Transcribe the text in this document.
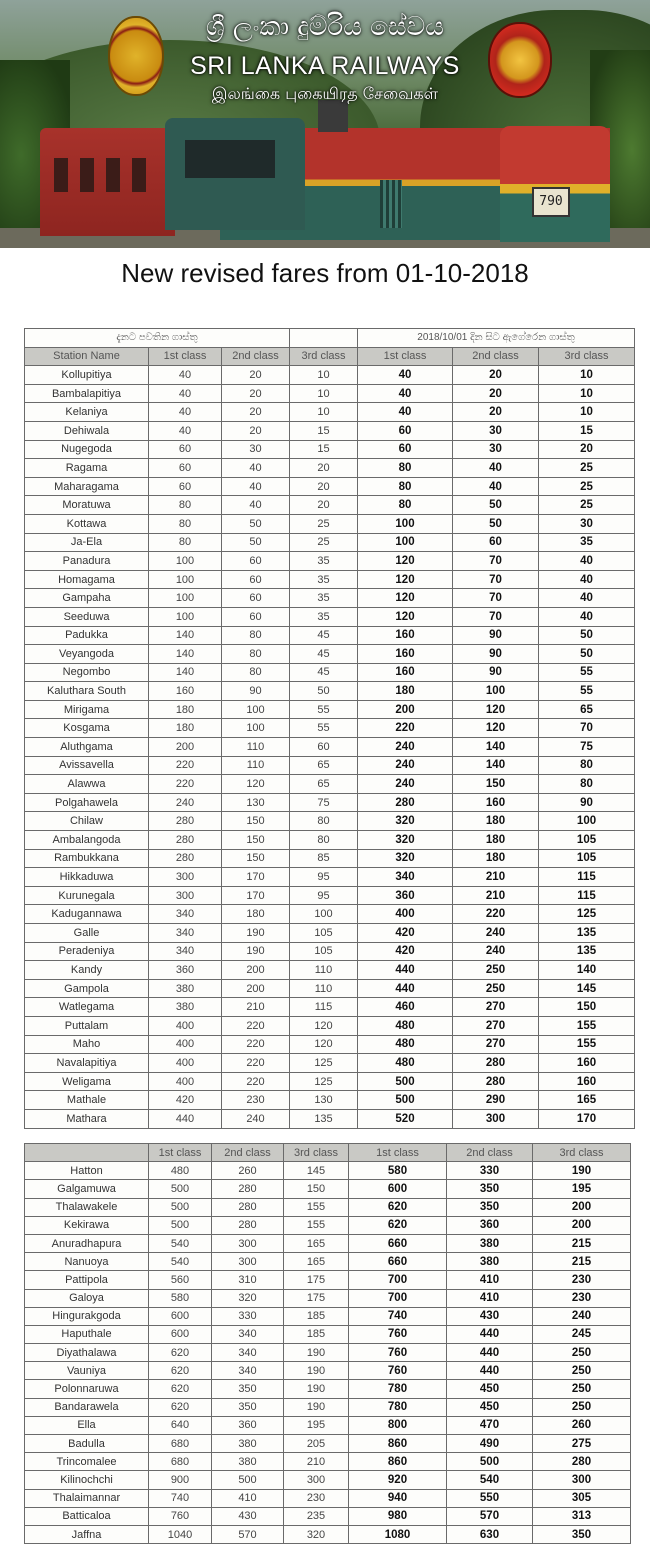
790
ශ්‍රී ලංකා දුම්රිය සේවය
SRI LANKA RAILWAYS
இலங்கை புகையிரத சேவைகள்
New revised fares from 01-10-2018
දැනට පවතින ගාස්තු				2018/10/01 දින සිට ඇගේරෙන ගාස්තු		
Station Name	1st class	2nd class	3rd class	1st class	2nd class	3rd class
Kollupitiya	40	20	10	40	20	10
Bambalapitiya	40	20	10	40	20	10
Kelaniya	40	20	10	40	20	10
Dehiwala	40	20	15	60	30	15
Nugegoda	60	30	15	60	30	20
Ragama	60	40	20	80	40	25
Maharagama	60	40	20	80	40	25
Moratuwa	80	40	20	80	50	25
Kottawa	80	50	25	100	50	30
Ja-Ela	80	50	25	100	60	35
Panadura	100	60	35	120	70	40
Homagama	100	60	35	120	70	40
Gampaha	100	60	35	120	70	40
Seeduwa	100	60	35	120	70	40
Padukka	140	80	45	160	90	50
Veyangoda	140	80	45	160	90	50
Negombo	140	80	45	160	90	55
Kaluthara South	160	90	50	180	100	55
Mirigama	180	100	55	200	120	65
Kosgama	180	100	55	220	120	70
Aluthgama	200	110	60	240	140	75
Avissavella	220	110	65	240	140	80
Alawwa	220	120	65	240	150	80
Polgahawela	240	130	75	280	160	90
Chilaw	280	150	80	320	180	100
Ambalangoda	280	150	80	320	180	105
Rambukkana	280	150	85	320	180	105
Hikkaduwa	300	170	95	340	210	115
Kurunegala	300	170	95	360	210	115
Kadugannawa	340	180	100	400	220	125
Galle	340	190	105	420	240	135
Peradeniya	340	190	105	420	240	135
Kandy	360	200	110	440	250	140
Gampola	380	200	110	440	250	145
Watlegama	380	210	115	460	270	150
Puttalam	400	220	120	480	270	155
Maho	400	220	120	480	270	155
Navalapitiya	400	220	125	480	280	160
Weligama	400	220	125	500	280	160
Mathale	420	230	130	500	290	165
Mathara	440	240	135	520	300	170
	1st class	2nd class	3rd class	1st class	2nd class	3rd class
Hatton	480	260	145	580	330	190
Galgamuwa	500	280	150	600	350	195
Thalawakele	500	280	155	620	350	200
Kekirawa	500	280	155	620	360	200
Anuradhapura	540	300	165	660	380	215
Nanuoya	540	300	165	660	380	215
Pattipola	560	310	175	700	410	230
Galoya	580	320	175	700	410	230
Hingurakgoda	600	330	185	740	430	240
Haputhale	600	340	185	760	440	245
Diyathalawa	620	340	190	760	440	250
Vauniya	620	340	190	760	440	250
Polonnaruwa	620	350	190	780	450	250
Bandarawela	620	350	190	780	450	250
Ella	640	360	195	800	470	260
Badulla	680	380	205	860	490	275
Trincomalee	680	380	210	860	500	280
Kilinochchi	900	500	300	920	540	300
Thalaimannar	740	410	230	940	550	305
Batticaloa	760	430	235	980	570	313
Jaffna	1040	570	320	1080	630	350
